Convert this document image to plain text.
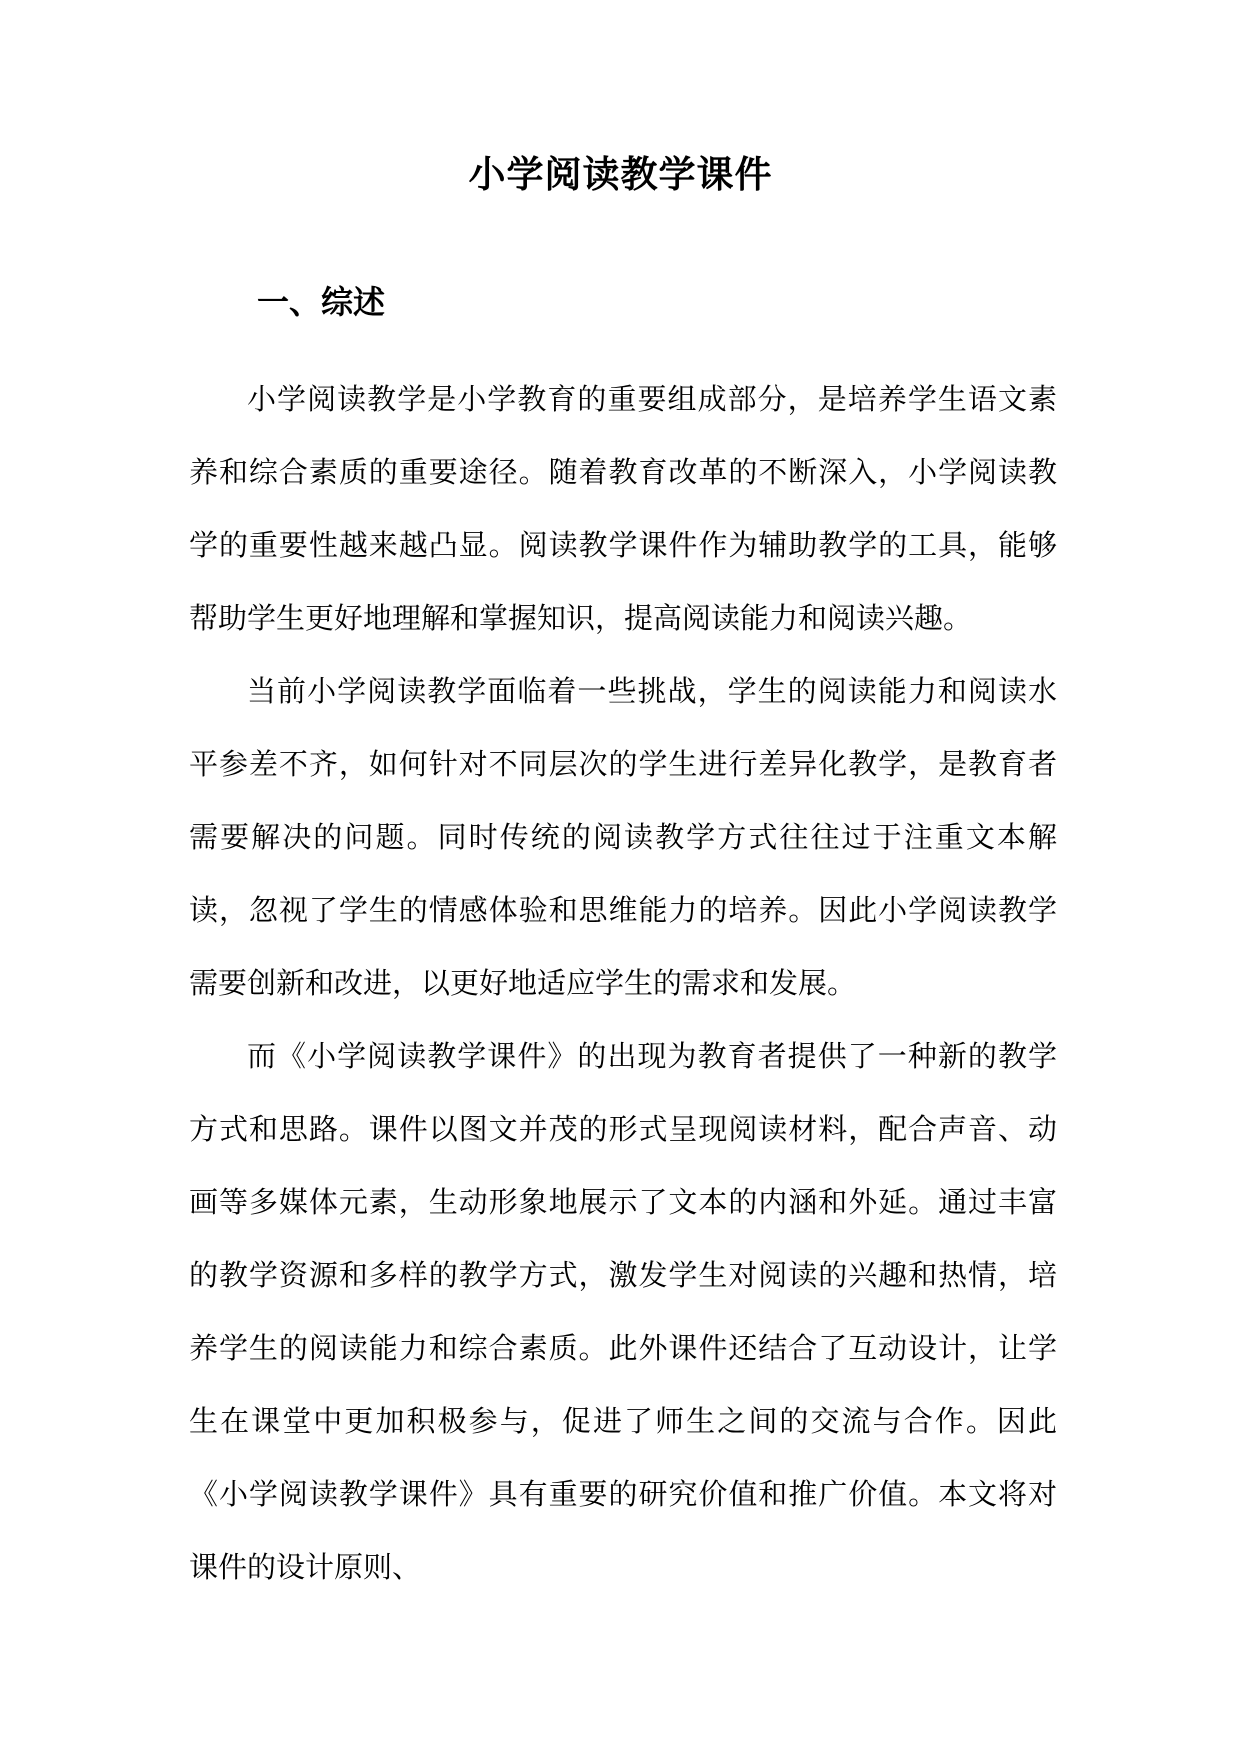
小学阅读教学课件
一、综述

小学阅读教学是小学教育的重要组成部分，是培养学生语文素养和综合素质的重要途径。随着教育改革的不断深入，小学阅读教学的重要性越来越凸显。阅读教学课件作为辅助教学的工具，能够帮助学生更好地理解和掌握知识，提高阅读能力和阅读兴趣。

当前小学阅读教学面临着一些挑战，学生的阅读能力和阅读水平参差不齐，如何针对不同层次的学生进行差异化教学，是教育者需要解决的问题。同时传统的阅读教学方式往往过于注重文本解读，忽视了学生的情感体验和思维能力的培养。因此小学阅读教学需要创新和改进，以更好地适应学生的需求和发展。

而《小学阅读教学课件》的出现为教育者提供了一种新的教学方式和思路。课件以图文并茂的形式呈现阅读材料，配合声音、动画等多媒体元素，生动形象地展示了文本的内涵和外延。通过丰富的教学资源和多样的教学方式，激发学生对阅读的兴趣和热情，培养学生的阅读能力和综合素质。此外课件还结合了互动设计，让学生在课堂中更加积极参与，促进了师生之间的交流与合作。因此《小学阅读教学课件》具有重要的研究价值和推广价值。本文将对课件的设计原则、
